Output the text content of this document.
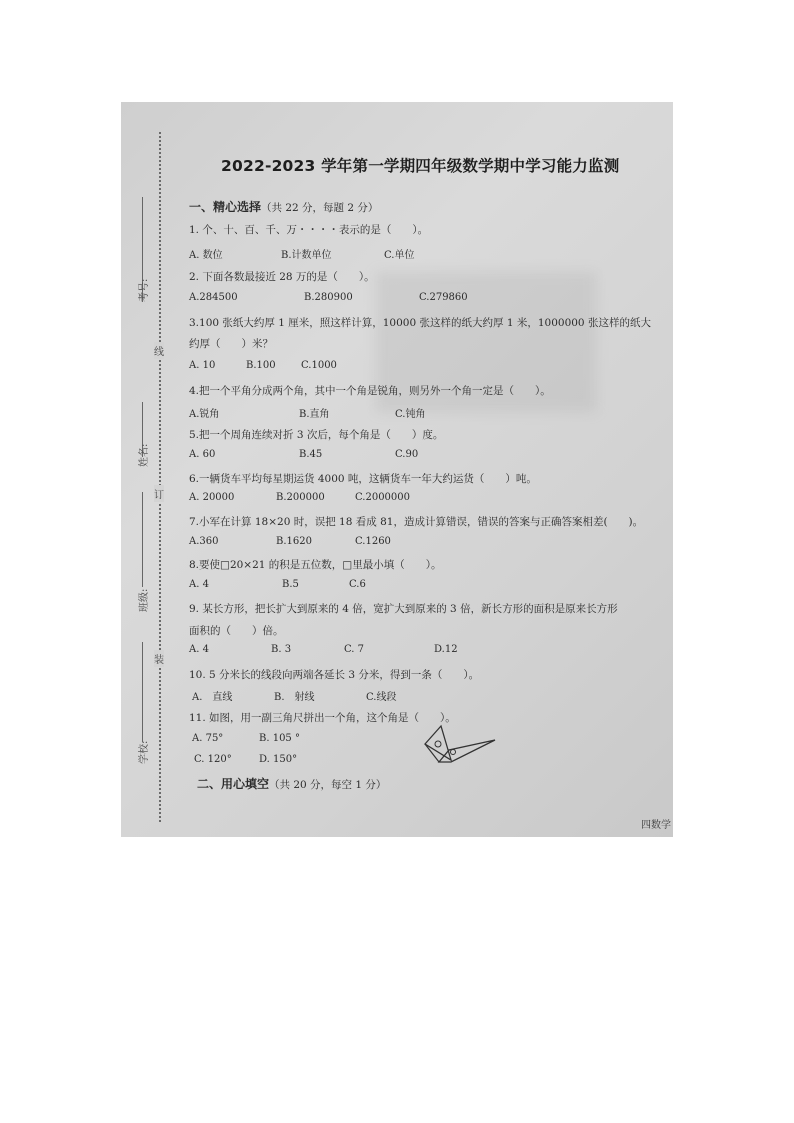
考号:
姓名:
班级:
学校:
线
订
装
2022-2023 学年第一学期四年级数学期中学习能力监测
一、精心选择（共 22 分，每题 2 分）
1. 个、十、百、千、万・・・・表示的是（　　）。
A. 数位	B.计数单位	C.单位
2. 下面各数最接近 28 万的是（　　）。
A.284500	B.280900	C.279860
3.100 张纸大约厚 1 厘米，照这样计算，10000 张这样的纸大约厚 1 米，1000000 张这样的纸大
约厚（　　）米？
A. 10	B.100	C.1000
4.把一个平角分成两个角，其中一个角是锐角，则另外一个角一定是（　　）。
A.锐角	B.直角	C.钝角
5.把一个周角连续对折 3 次后，每个角是（　　）度。
A. 60	B.45	C.90
6.一辆货车平均每星期运货 4000 吨，这辆货车一年大约运货（　　）吨。
A. 20000	B.200000	C.2000000
7.小军在计算 18×20 时，误把 18 看成 81，造成计算错误，错误的答案与正确答案相差(　　)。
A.360	B.1620	C.1260
8.要使□20×21 的积是五位数，□里最小填（　　）。
A. 4	B.5	C.6
9. 某长方形，把长扩大到原来的 4 倍，宽扩大到原来的 3 倍，新长方形的面积是原来长方形
面积的（　　）倍。
A. 4	B. 3	C. 7	D.12
10. 5 分米长的线段向两端各延长 3 分米，得到一条（　　）。
A.　直线	B.　射线	C.线段
11. 如图，用一副三角尺拼出一个角，这个角是（　　）。
A. 75°	B. 105 °
C. 120°	D. 150°
二、用心填空（共 20 分，每空 1 分）
四数学
